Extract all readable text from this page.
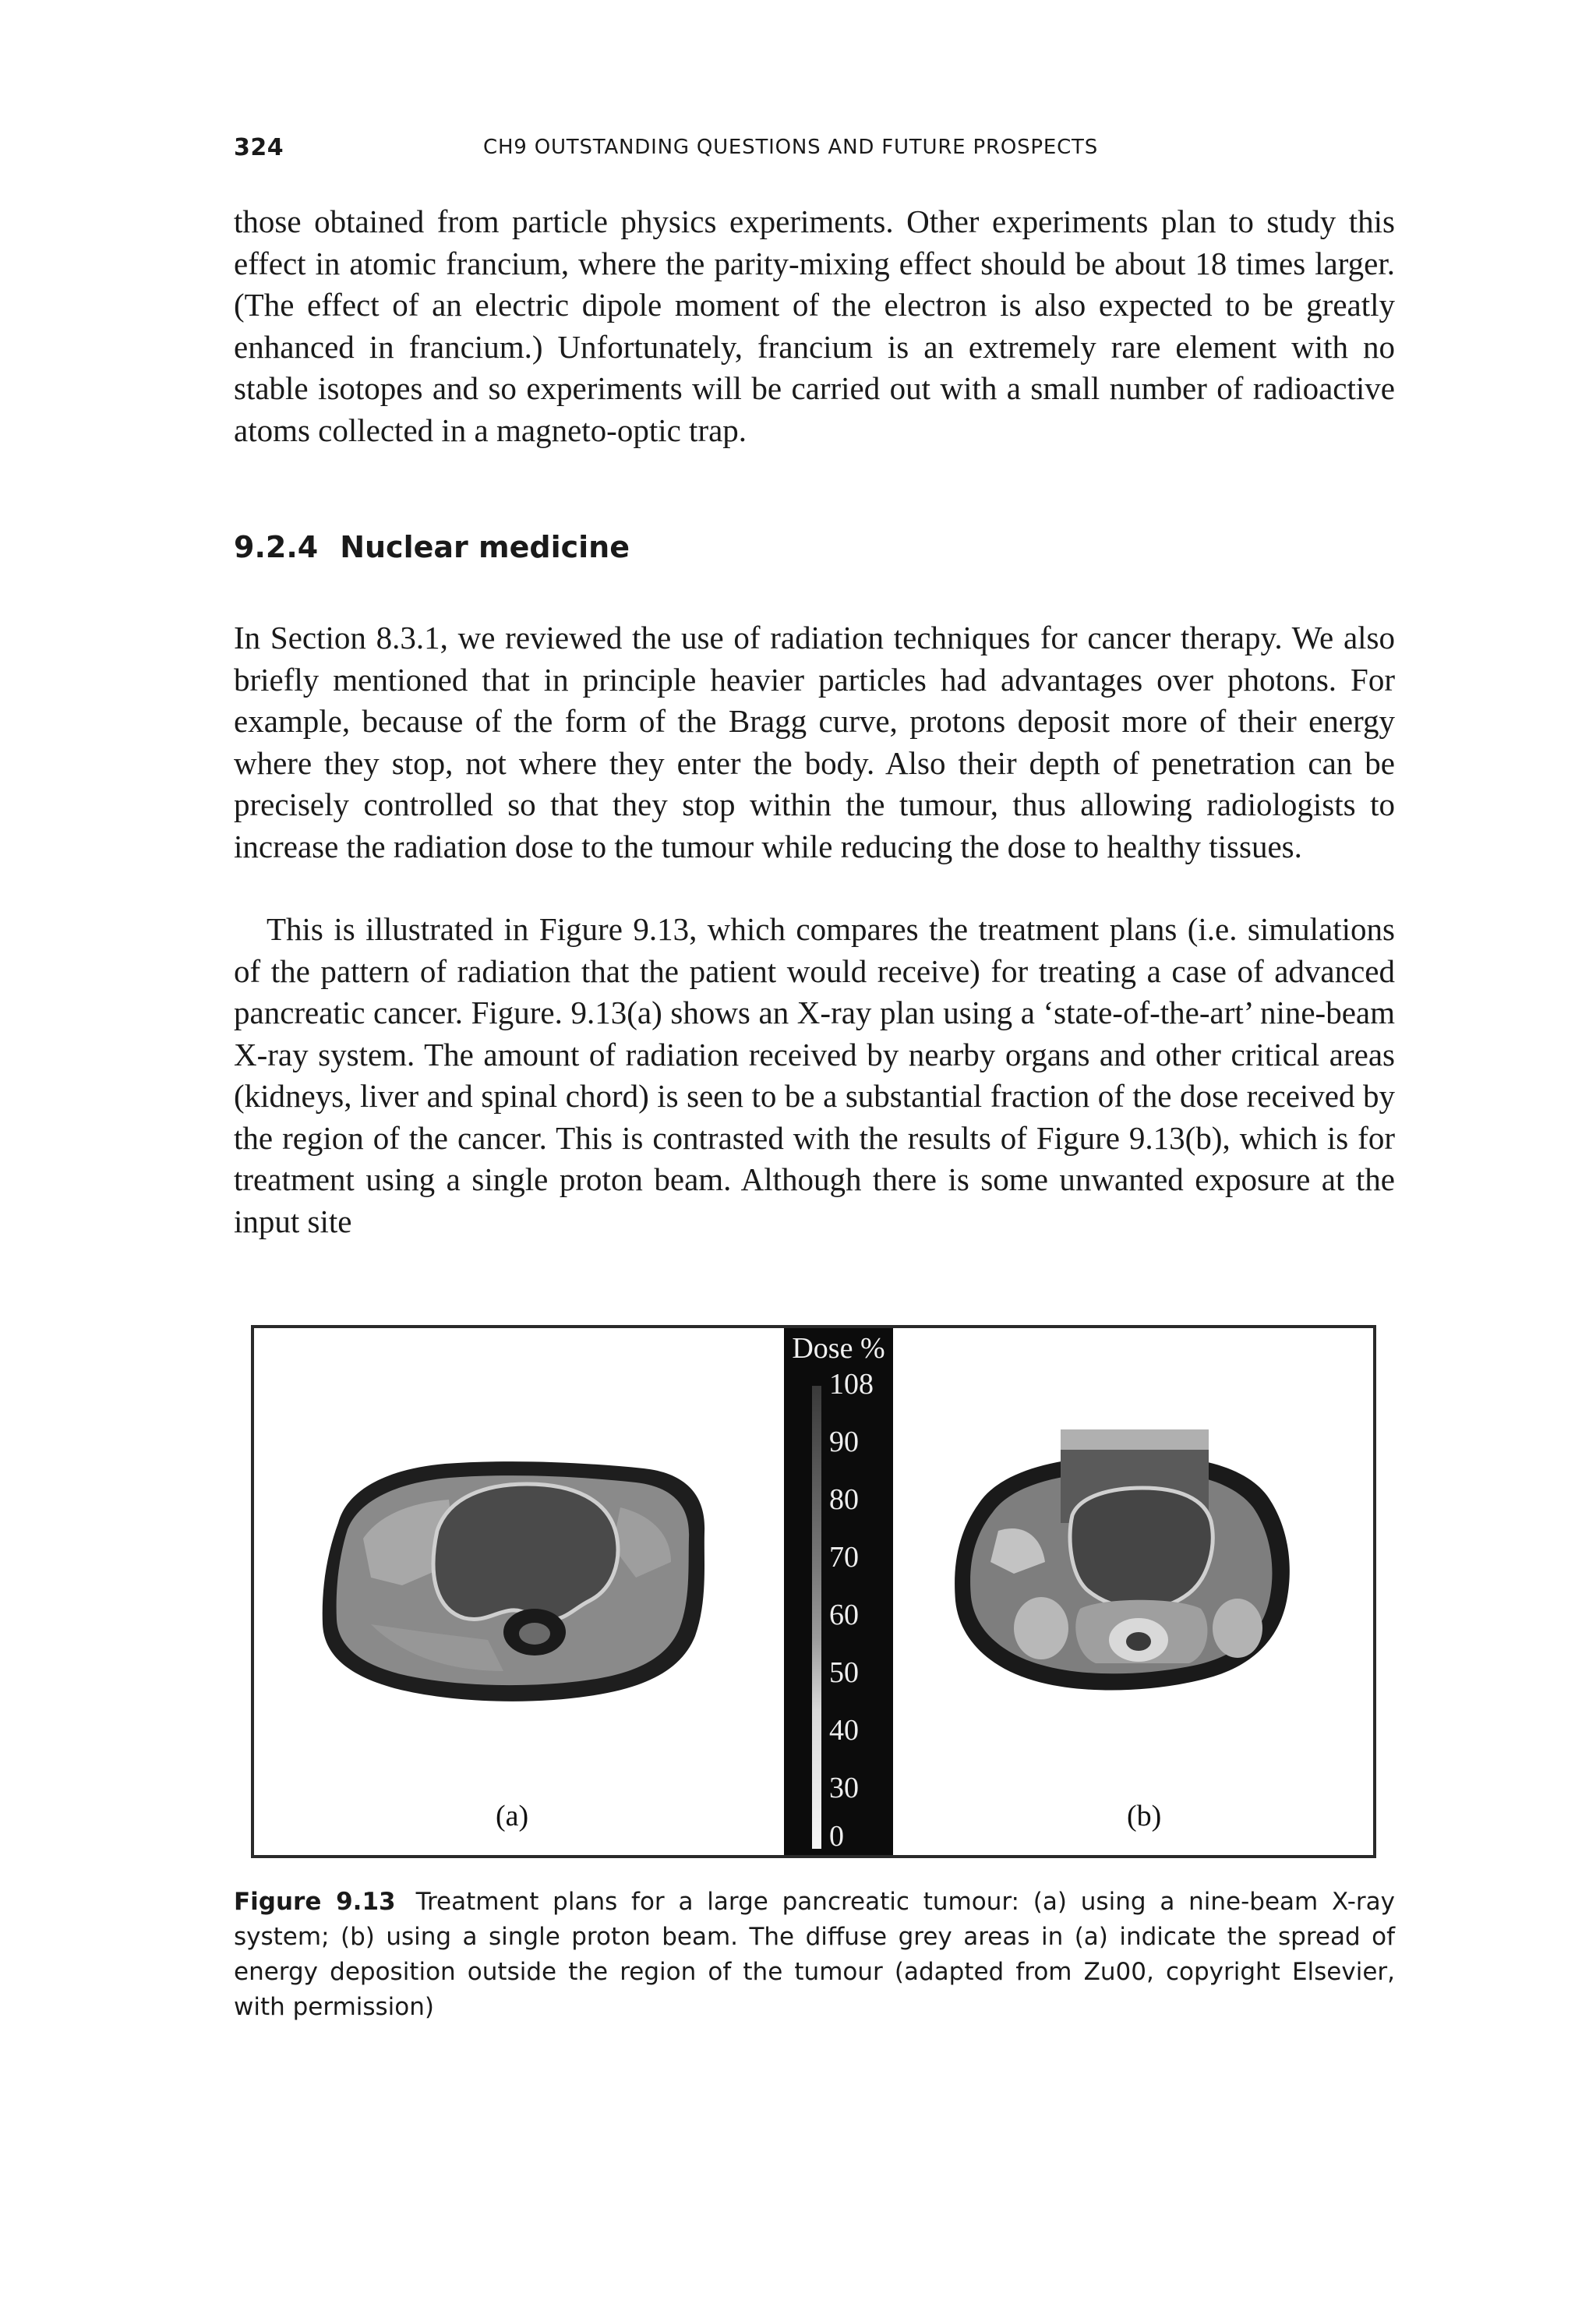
324	CH9 OUTSTANDING QUESTIONS AND FUTURE PROSPECTS

those obtained from particle physics experiments. Other experiments plan to study this effect in atomic francium, where the parity-mixing effect should be about 18 times larger. (The effect of an electric dipole moment of the electron is also expected to be greatly enhanced in francium.) Unfortunately, francium is an extremely rare element with no stable isotopes and so experiments will be carried out with a small number of radioactive atoms collected in a magneto-optic trap.

9.2.4 Nuclear medicine

In Section 8.3.1, we reviewed the use of radiation techniques for cancer therapy. We also briefly mentioned that in principle heavier particles had advantages over photons. For example, because of the form of the Bragg curve, protons deposit more of their energy where they stop, not where they enter the body. Also their depth of penetration can be precisely controlled so that they stop within the tumour, thus allowing radiologists to increase the radiation dose to the tumour while reducing the dose to healthy tissues.

This is illustrated in Figure 9.13, which compares the treatment plans (i.e. simulations of the pattern of radiation that the patient would receive) for treating a case of advanced pancreatic cancer. Figure. 9.13(a) shows an X-ray plan using a ‘state-of-the-art’ nine-beam X-ray system. The amount of radiation received by nearby organs and other critical areas (kidneys, liver and spinal chord) is seen to be a substantial fraction of the dose received by the region of the cancer. This is contrasted with the results of Figure 9.13(b), which is for treatment using a single proton beam. Although there is some unwanted exposure at the input site

Dose %
108
90
80
70
60
50
40
30
0
(a)	(b)

Figure 9.13 Treatment plans for a large pancreatic tumour: (a) using a nine-beam X-ray system; (b) using a single proton beam. The diffuse grey areas in (a) indicate the spread of energy deposition outside the region of the tumour (adapted from Zu00, copyright Elsevier, with permission)
